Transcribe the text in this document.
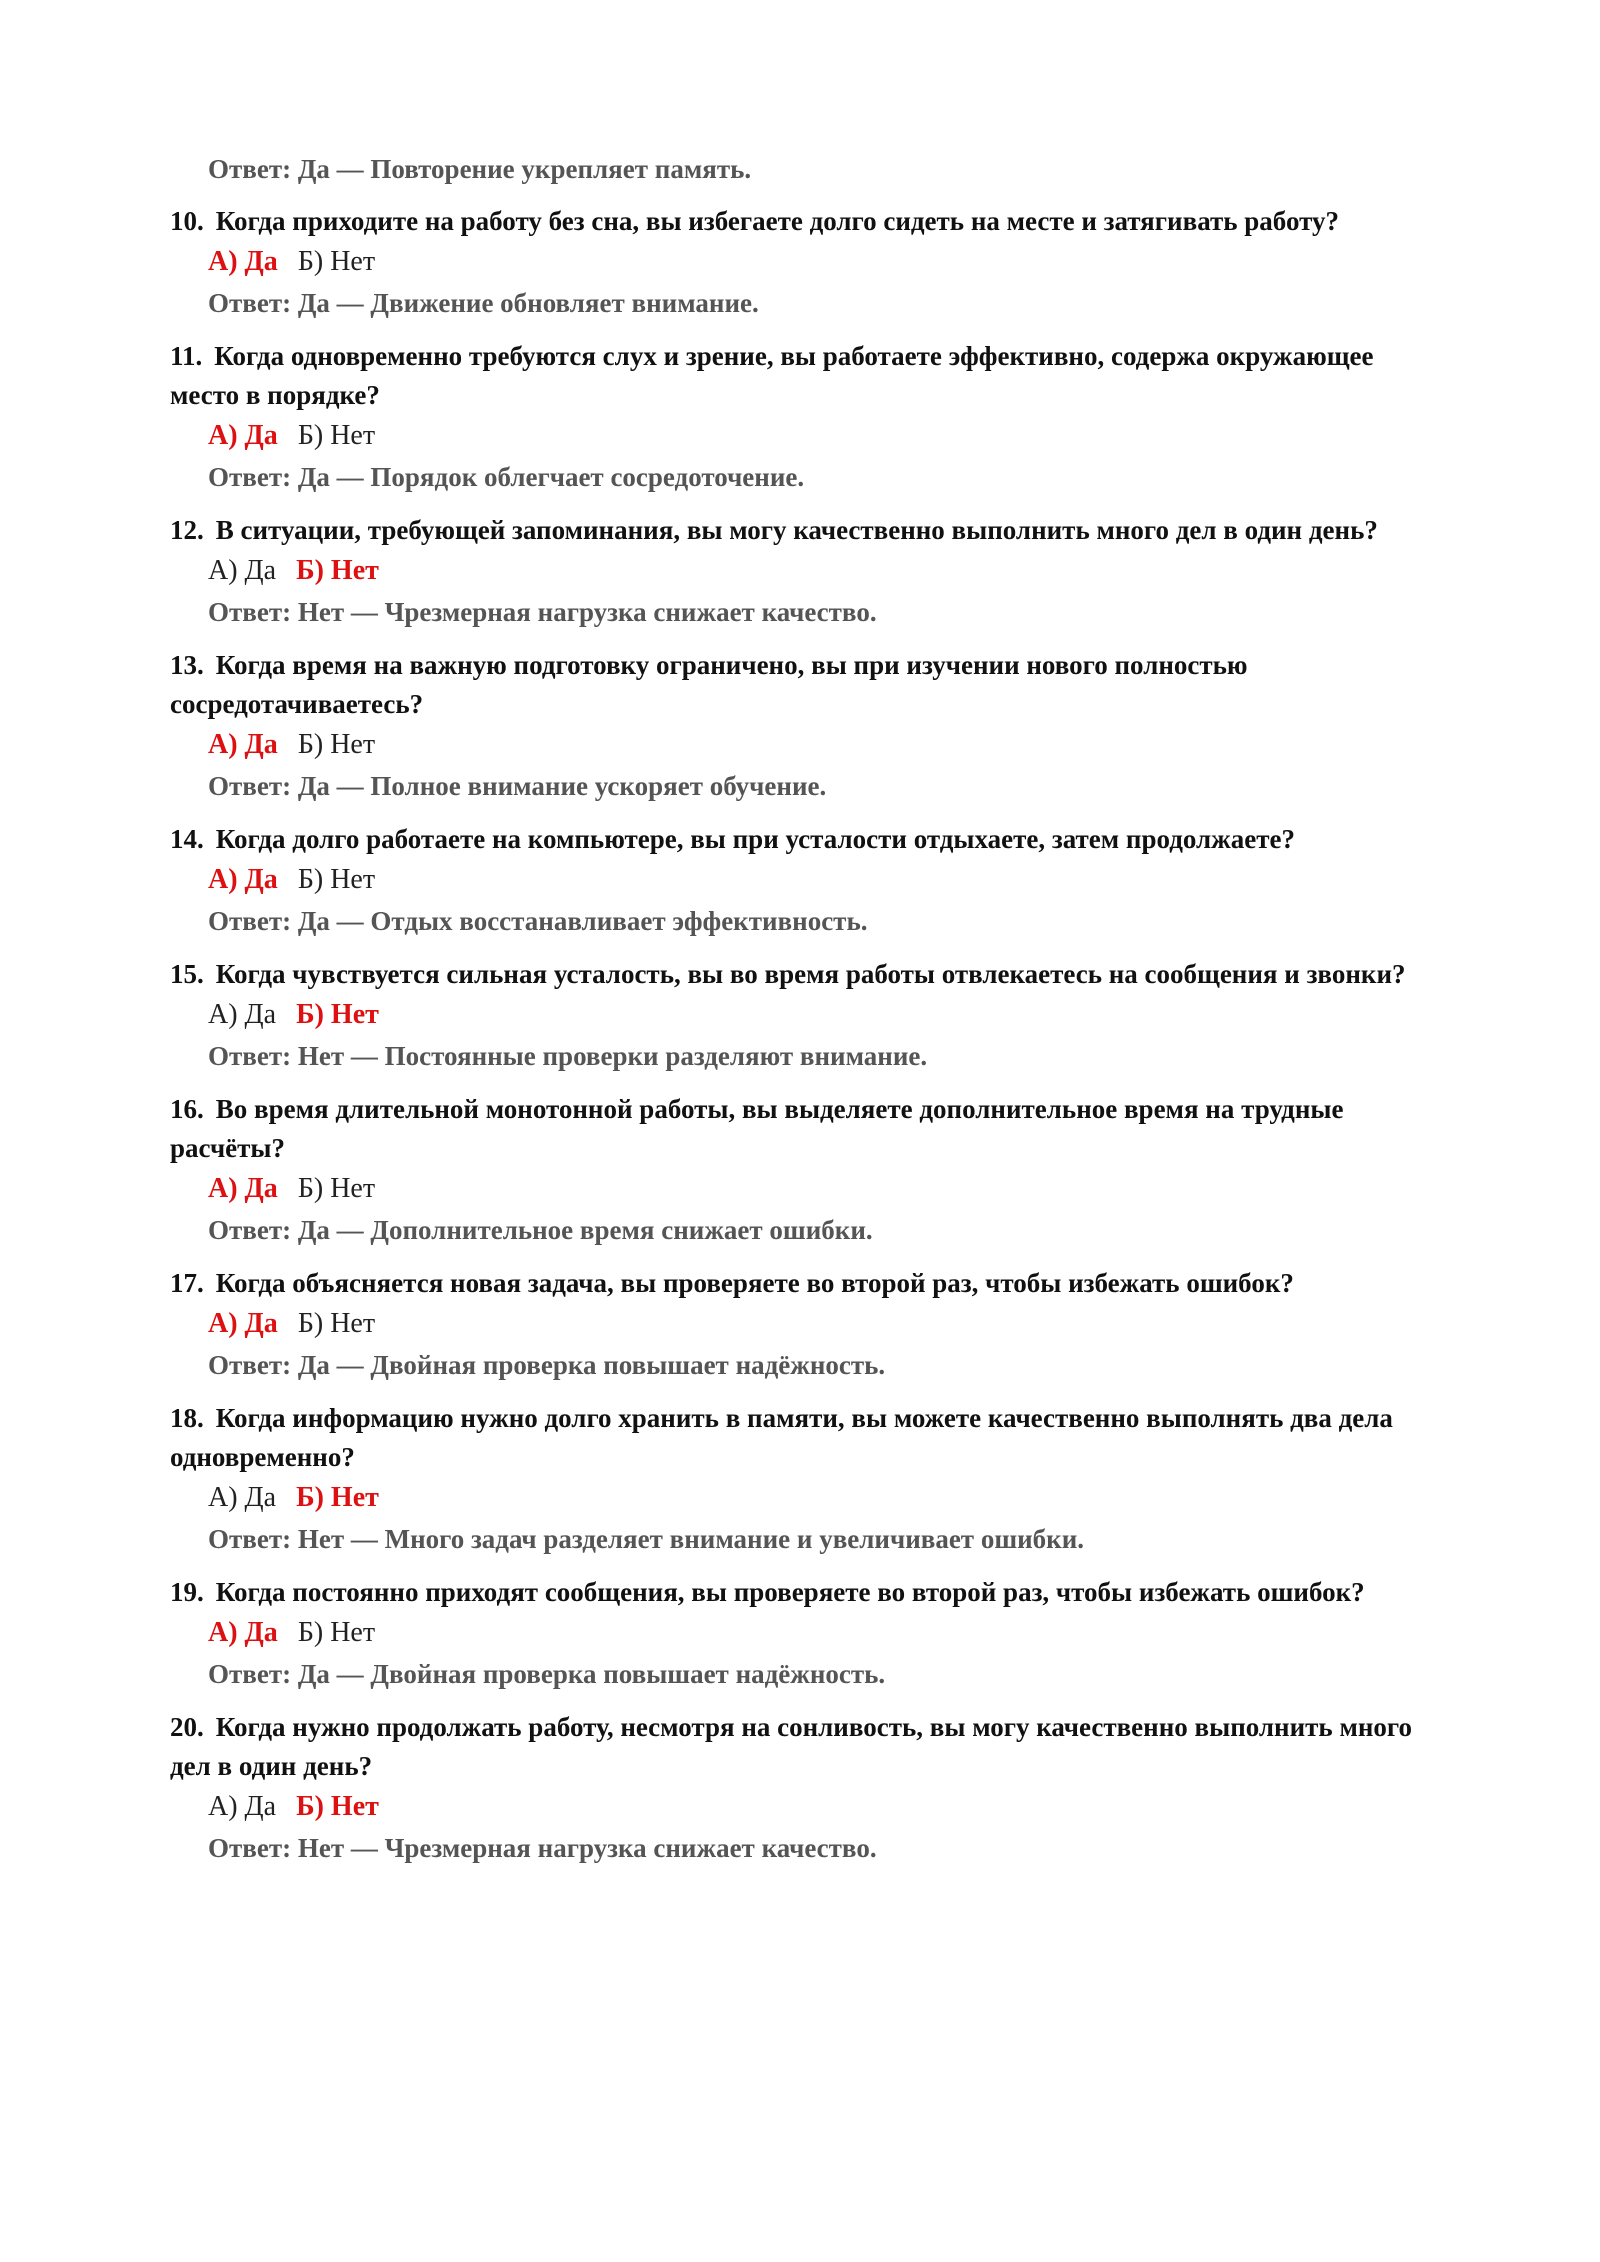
Ответ: Да — Повторение укрепляет память.
10. Когда приходите на работу без сна, вы избегаете долго сидеть на месте и затягивать работу?
А) Да Б) Нет
Ответ: Да — Движение обновляет внимание.
11. Когда одновременно требуются слух и зрение, вы работаете эффективно, содержа окружающее место в порядке?
А) Да Б) Нет
Ответ: Да — Порядок облегчает сосредоточение.
12. В ситуации, требующей запоминания, вы могу качественно выполнить много дел в один день?
А) Да Б) Нет
Ответ: Нет — Чрезмерная нагрузка снижает качество.
13. Когда время на важную подготовку ограничено, вы при изучении нового полностью сосредотачиваетесь?
А) Да Б) Нет
Ответ: Да — Полное внимание ускоряет обучение.
14. Когда долго работаете на компьютере, вы при усталости отдыхаете, затем продолжаете?
А) Да Б) Нет
Ответ: Да — Отдых восстанавливает эффективность.
15. Когда чувствуется сильная усталость, вы во время работы отвлекаетесь на сообщения и звонки?
А) Да Б) Нет
Ответ: Нет — Постоянные проверки разделяют внимание.
16. Во время длительной монотонной работы, вы выделяете дополнительное время на трудные расчёты?
А) Да Б) Нет
Ответ: Да — Дополнительное время снижает ошибки.
17. Когда объясняется новая задача, вы проверяете во второй раз, чтобы избежать ошибок?
А) Да Б) Нет
Ответ: Да — Двойная проверка повышает надёжность.
18. Когда информацию нужно долго хранить в памяти, вы можете качественно выполнять два дела одновременно?
А) Да Б) Нет
Ответ: Нет — Много задач разделяет внимание и увеличивает ошибки.
19. Когда постоянно приходят сообщения, вы проверяете во второй раз, чтобы избежать ошибок?
А) Да Б) Нет
Ответ: Да — Двойная проверка повышает надёжность.
20. Когда нужно продолжать работу, несмотря на сонливость, вы могу качественно выполнить много дел в один день?
А) Да Б) Нет
Ответ: Нет — Чрезмерная нагрузка снижает качество.
